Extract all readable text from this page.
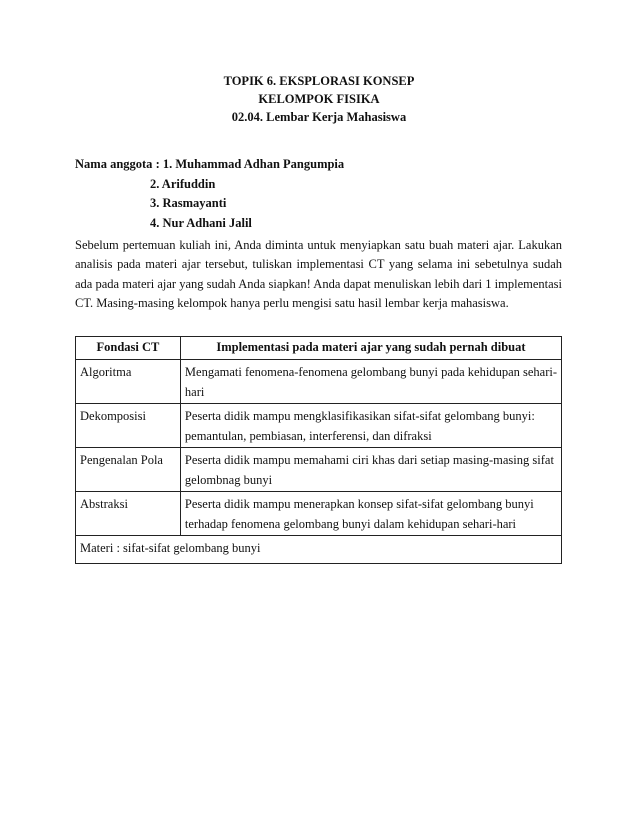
TOPIK 6. EKSPLORASI KONSEP
KELOMPOK FISIKA
02.04. Lembar Kerja Mahasiswa
Nama anggota : 1. Muhammad Adhan Pangumpia
2. Arifuddin
3. Rasmayanti
4. Nur Adhani Jalil
Sebelum pertemuan kuliah ini, Anda diminta untuk menyiapkan satu buah materi ajar. Lakukan analisis pada materi ajar tersebut, tuliskan implementasi CT yang selama ini sebetulnya sudah ada pada materi ajar yang sudah Anda siapkan! Anda dapat menuliskan lebih dari 1 implementasi CT. Masing-masing kelompok hanya perlu mengisi satu hasil lembar kerja mahasiswa.
Fondasi CT	Implementasi pada materi ajar yang sudah pernah dibuat
Algoritma	Mengamati fenomena-fenomena gelombang bunyi pada kehidupan sehari-hari
Dekomposisi	Peserta didik mampu mengklasifikasikan sifat-sifat gelombang bunyi: pemantulan, pembiasan, interferensi, dan difraksi
Pengenalan Pola	Peserta didik mampu memahami ciri khas dari setiap masing-masing sifat gelombnag bunyi
Abstraksi	Peserta didik mampu menerapkan konsep sifat-sifat gelombang bunyi terhadap fenomena gelombang bunyi dalam kehidupan sehari-hari
Materi : sifat-sifat gelombang bunyi	
